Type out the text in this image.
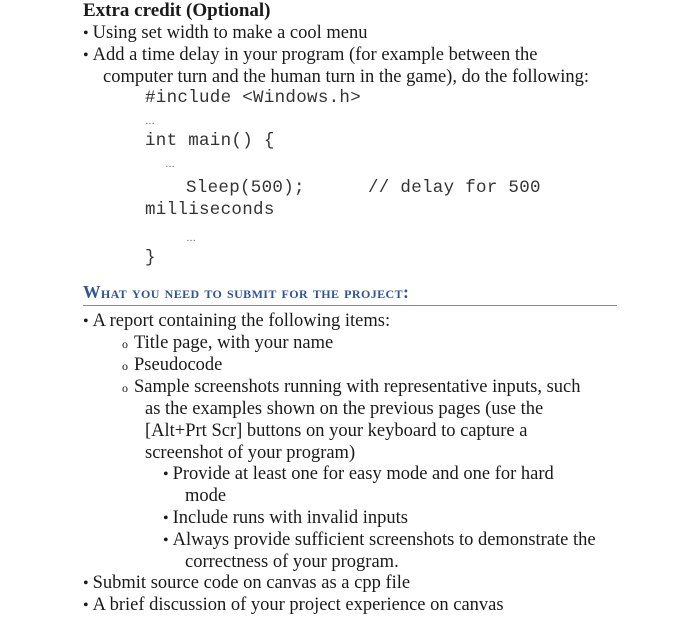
Extra credit (Optional)
• Using set width to make a cool menu
• Add a time delay in your program (for example between the
computer turn and the human turn in the game), do the following:
#include <Windows.h>
…
int main() {
…
Sleep(500);	// delay for 500
milliseconds
…
}
What you need to submit for the project:
• A report containing the following items:
o Title page, with your name
o Pseudocode
o Sample screenshots running with representative inputs, such
as the examples shown on the previous pages (use the
[Alt+Prt Scr] buttons on your keyboard to capture a
screenshot of your program)
• Provide at least one for easy mode and one for hard
mode
• Include runs with invalid inputs
• Always provide sufficient screenshots to demonstrate the
correctness of your program.
• Submit source code on canvas as a cpp file
• A brief discussion of your project experience on canvas
